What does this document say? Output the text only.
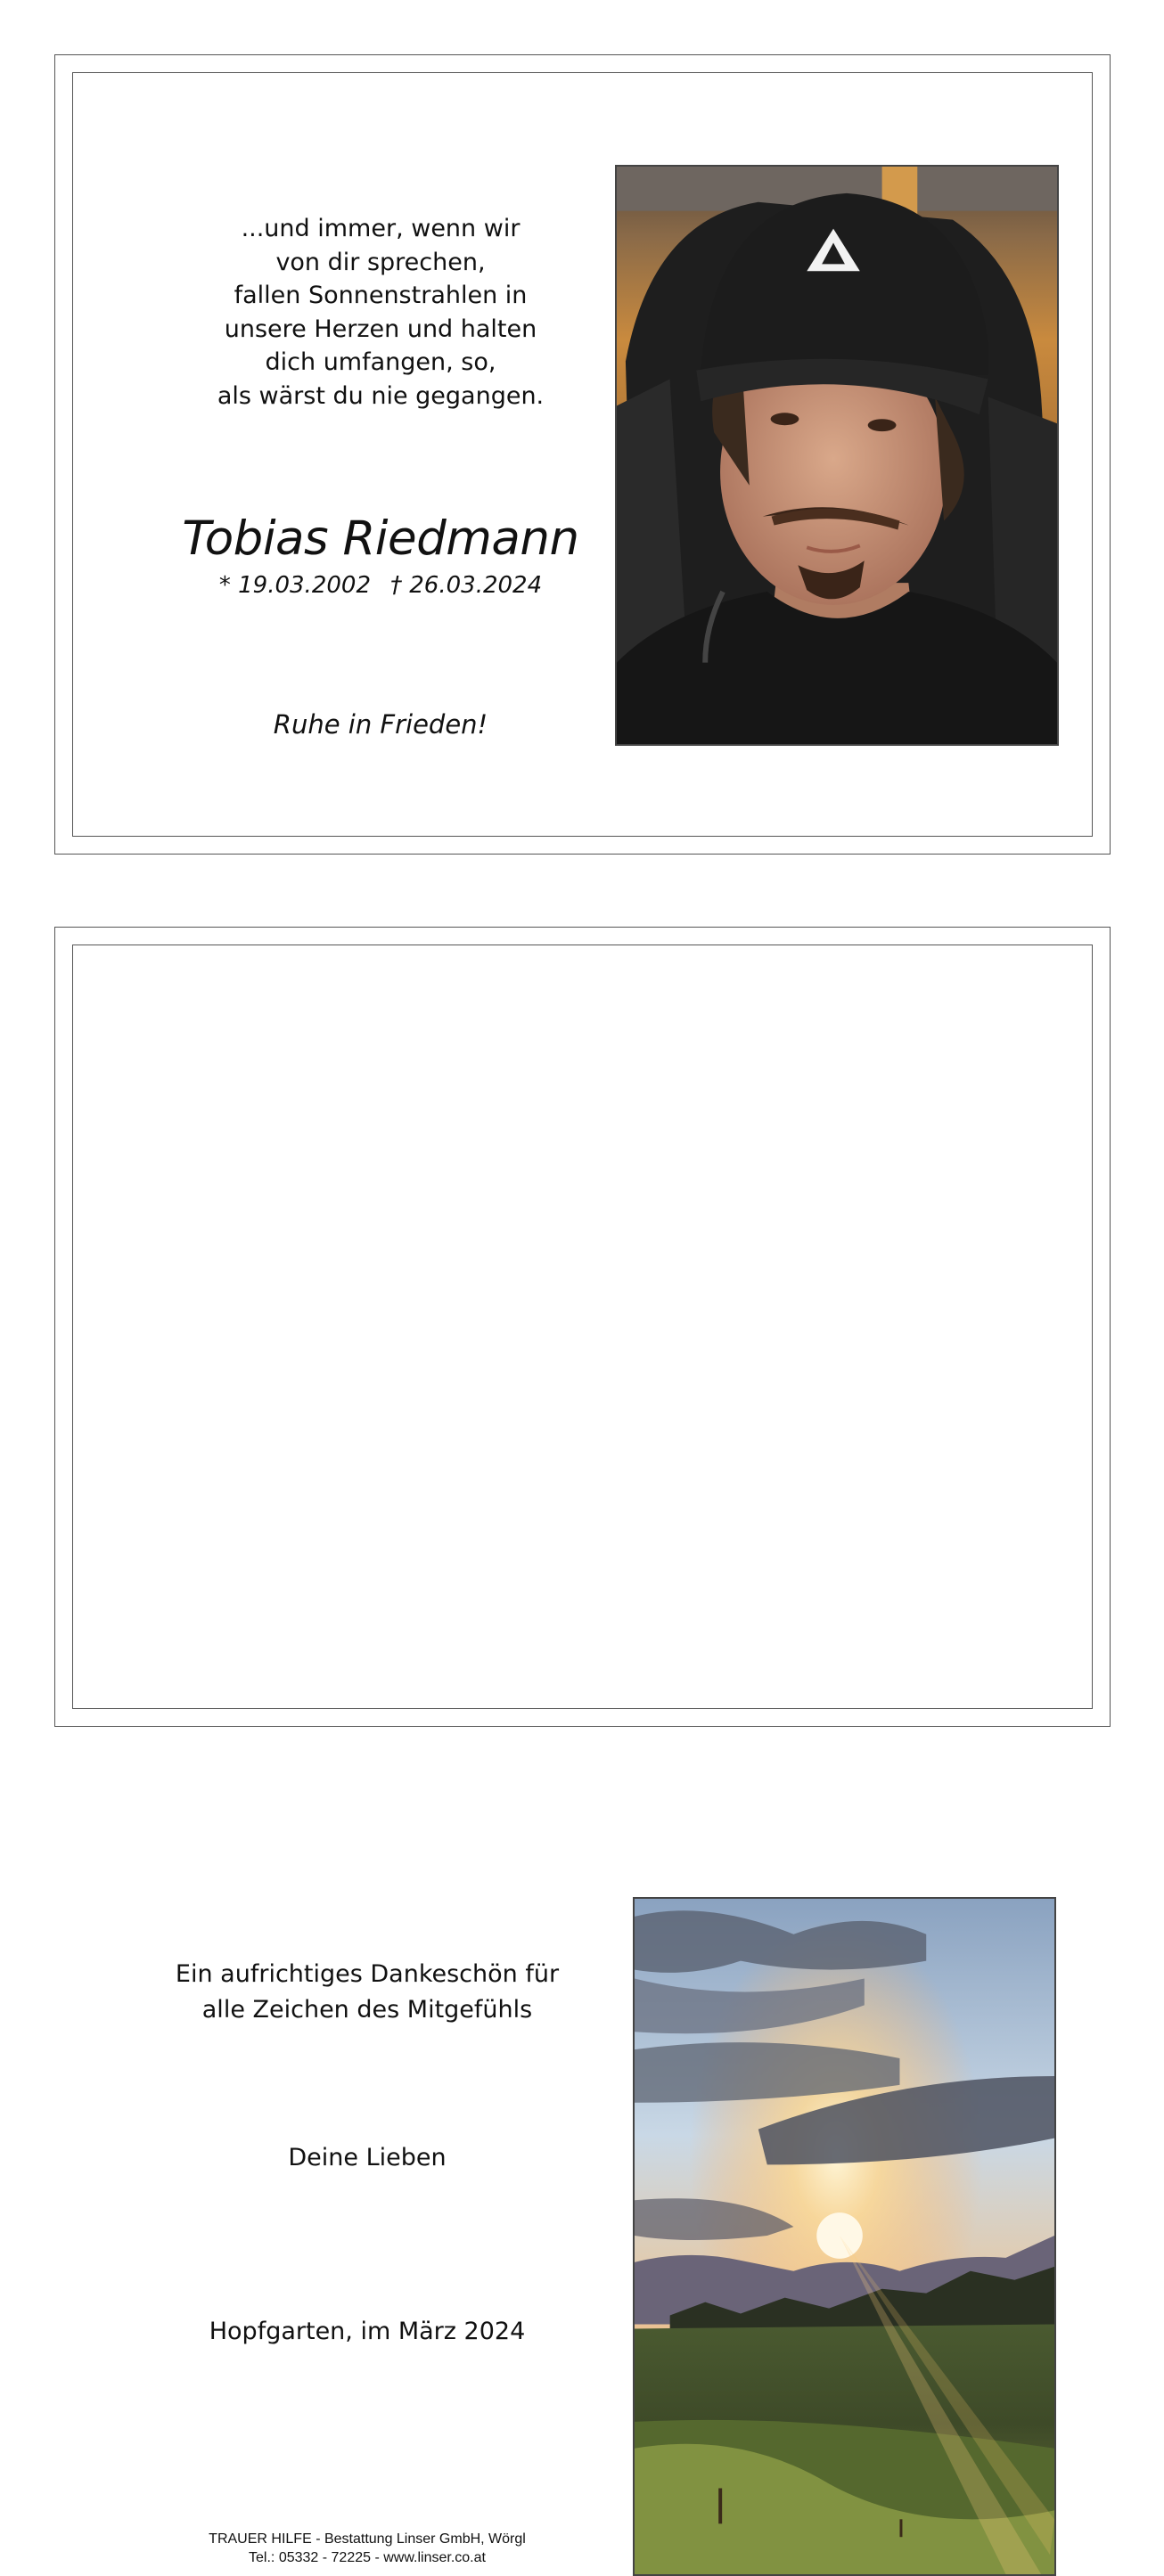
...und immer, wenn wir
von dir sprechen,
fallen Sonnenstrahlen in
unsere Herzen und halten
dich umfangen, so,
als wärst du nie gegangen.
Tobias Riedmann
* 19.03.2002 † 26.03.2024
Ruhe in Frieden!
Ein aufrichtiges Dankeschön für
alle Zeichen des Mitgefühls
Deine Lieben
Hopfgarten, im März 2024
TRAUER HILFE - Bestattung Linser GmbH, Wörgl
Tel.: 05332 - 72225 - www.linser.co.at
